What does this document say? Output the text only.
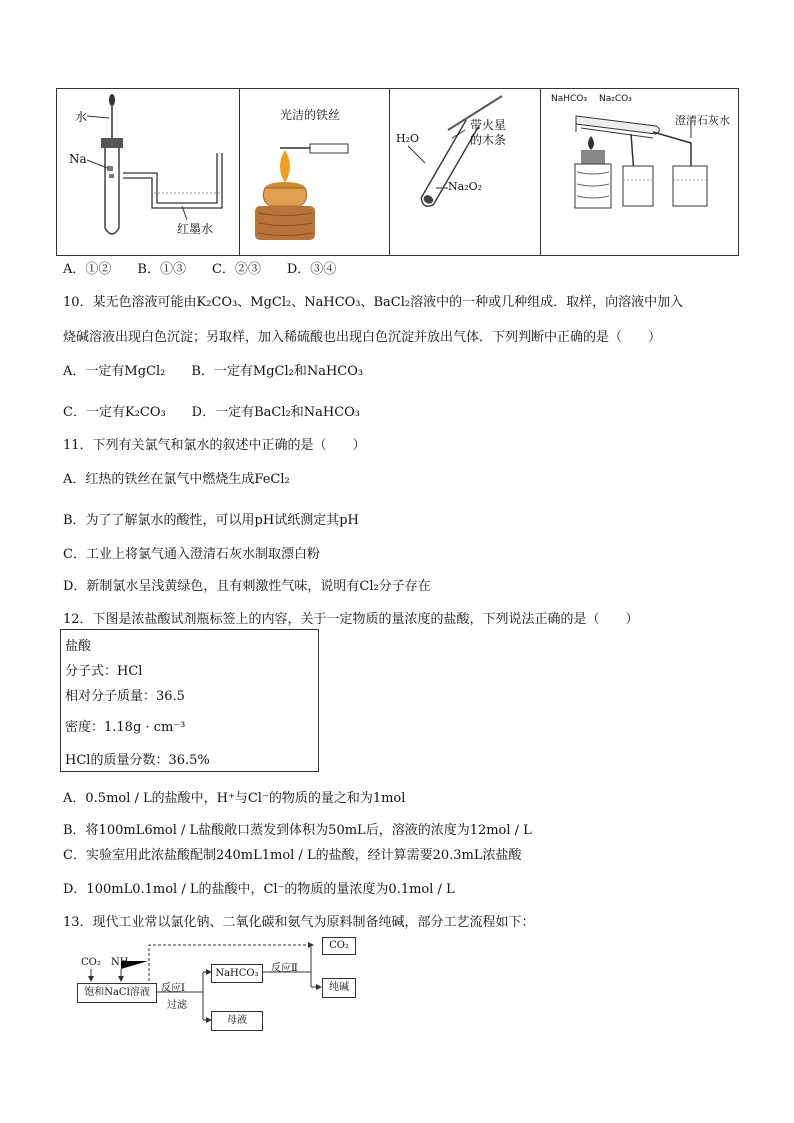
水
Na
红墨水
光洁的铁丝
H₂O
带火星
的木条
Na₂O₂
NaHCO₃ Na₂CO₃
澄清石灰水
A．①②　　B．①③　　C．②③　　D．③④
10．某无色溶液可能由K₂CO₃、MgCl₂、NaHCO₃、BaCl₂溶液中的一种或几种组成．取样，向溶液中加入
烧碱溶液出现白色沉淀；另取样，加入稀硫酸也出现白色沉淀并放出气体．下列判断中正确的是（　　）
A．一定有MgCl₂　　B．一定有MgCl₂和NaHCO₃
C．一定有K₂CO₃　　D．一定有BaCl₂和NaHCO₃
11．下列有关氯气和氯水的叙述中正确的是（　　）
A．红热的铁丝在氯气中燃烧生成FeCl₂
B．为了了解氯水的酸性，可以用pH试纸测定其pH
C．工业上将氯气通入澄清石灰水制取漂白粉
D．新制氯水呈浅黄绿色，且有刺激性气味，说明有Cl₂分子存在
12．下图是浓盐酸试剂瓶标签上的内容，关于一定物质的量浓度的盐酸，下列说法正确的是（　　）
盐酸
分子式：HCl
相对分子质量：36.5
密度：1.18g · cm⁻³
HCl的质量分数：36.5%
A．0.5mol / L的盐酸中，H⁺与Cl⁻的物质的量之和为1mol
B．将100mL6mol / L盐酸敞口蒸发到体积为50mL后，溶液的浓度为12mol / L
C．实验室用此浓盐酸配制240mL1mol / L的盐酸，经计算需要20.3mL浓盐酸
D．100mL0.1mol / L的盐酸中，Cl⁻的物质的量浓度为0.1mol / L
13．现代工业常以氯化钠、二氧化碳和氨气为原料制备纯碱，部分工艺流程如下：
CO₂ NH₃
饱和NaCl溶液	反应Ⅰ
过滤
NaHCO₃
母液
反应Ⅱ
CO₂
纯碱
